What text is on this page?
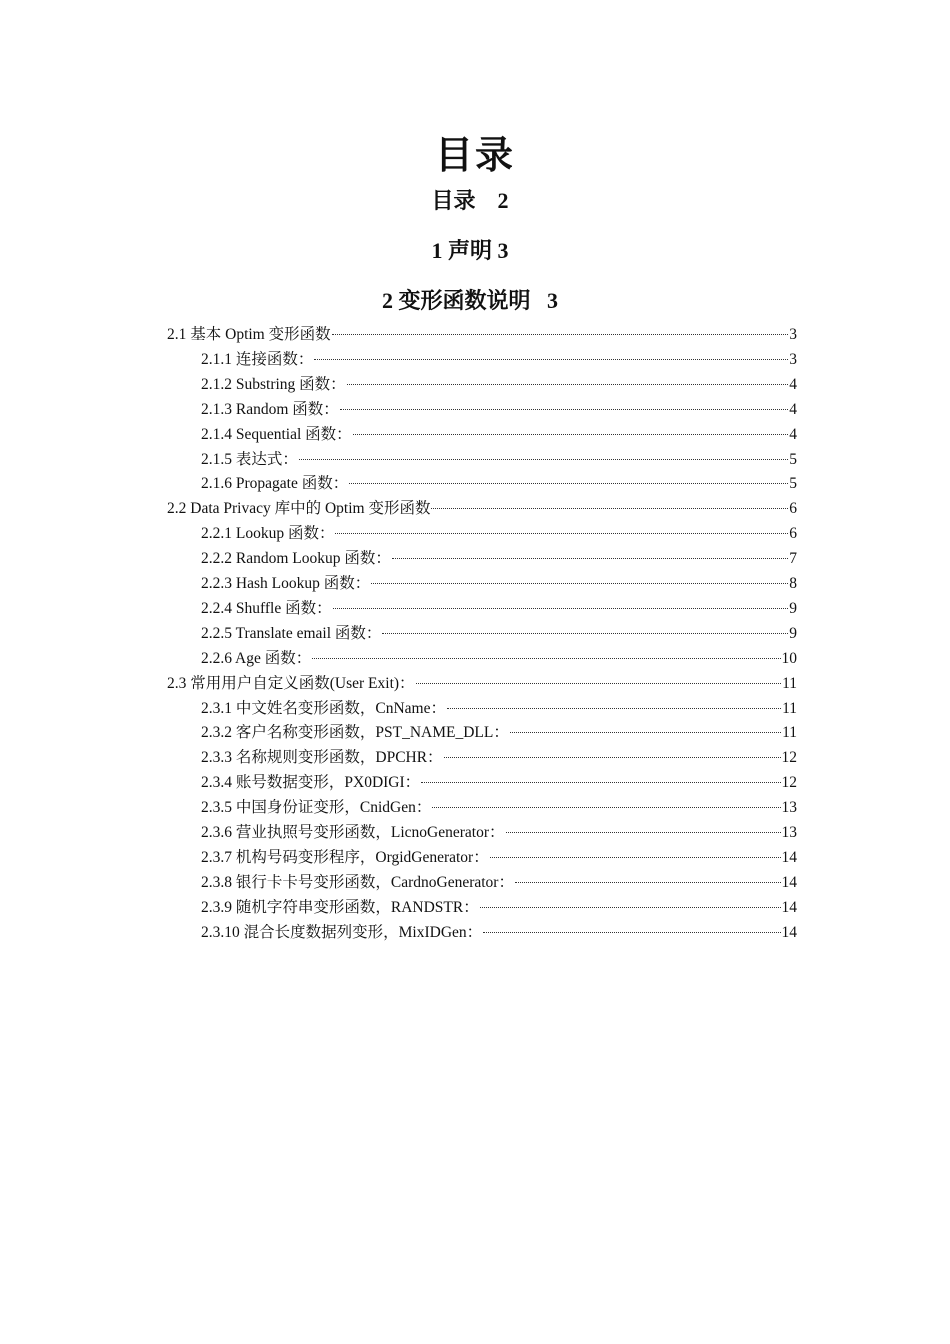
目录
目录    2
1 声明 3
2 变形函数说明   3
2.1 基本 Optim 变形函数	3
2.1.1 连接函数：	3
2.1.2 Substring 函数：	4
2.1.3 Random 函数：	4
2.1.4 Sequential 函数：	4
2.1.5 表达式：	5
2.1.6 Propagate 函数：	5
2.2 Data Privacy 库中的 Optim 变形函数	6
2.2.1 Lookup 函数：	6
2.2.2 Random Lookup 函数：	7
2.2.3 Hash Lookup 函数：	8
2.2.4 Shuffle 函数：	9
2.2.5 Translate email 函数：	9
2.2.6 Age 函数：	10
2.3 常用用户自定义函数(User Exit)：	11
2.3.1 中文姓名变形函数，CnName：	11
2.3.2 客户名称变形函数，PST_NAME_DLL：	11
2.3.3 名称规则变形函数，DPCHR：	12
2.3.4 账号数据变形，PX0DIGI：	12
2.3.5 中国身份证变形，CnidGen：	13
2.3.6 营业执照号变形函数，LicnoGenerator：	13
2.3.7 机构号码变形程序，OrgidGenerator：	14
2.3.8 银行卡卡号变形函数，CardnoGenerator：	14
2.3.9 随机字符串变形函数，RANDSTR：	14
2.3.10 混合长度数据列变形，MixIDGen：	14
